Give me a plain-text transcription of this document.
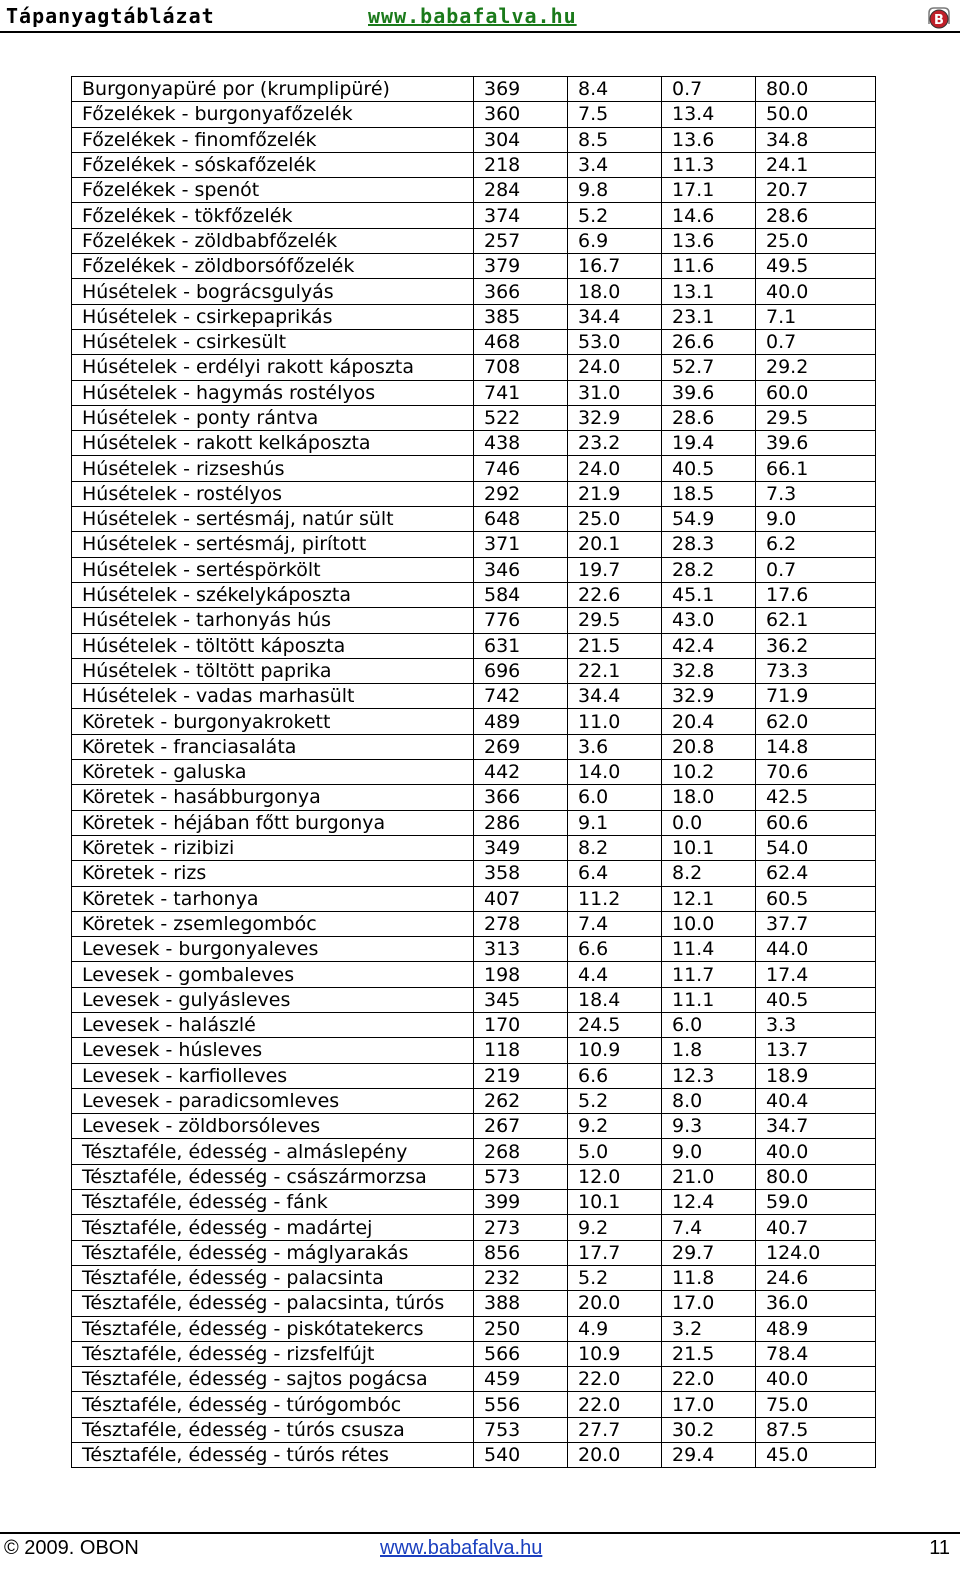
Tápanyagtáblázat	www.babafalva.hu	B
Burgonyapüré por (krumplipüré)	369	8.4	0.7	80.0
Főzelékek - burgonyafőzelék	360	7.5	13.4	50.0
Főzelékek - finomfőzelék	304	8.5	13.6	34.8
Főzelékek - sóskafőzelék	218	3.4	11.3	24.1
Főzelékek - spenót	284	9.8	17.1	20.7
Főzelékek - tökfőzelék	374	5.2	14.6	28.6
Főzelékek - zöldbabfőzelék	257	6.9	13.6	25.0
Főzelékek - zöldborsófőzelék	379	16.7	11.6	49.5
Húsételek - bográcsgulyás	366	18.0	13.1	40.0
Húsételek - csirkepaprikás	385	34.4	23.1	7.1
Húsételek - csirkesült	468	53.0	26.6	0.7
Húsételek - erdélyi rakott káposzta	708	24.0	52.7	29.2
Húsételek - hagymás rostélyos	741	31.0	39.6	60.0
Húsételek - ponty rántva	522	32.9	28.6	29.5
Húsételek - rakott kelkáposzta	438	23.2	19.4	39.6
Húsételek - rizseshús	746	24.0	40.5	66.1
Húsételek - rostélyos	292	21.9	18.5	7.3
Húsételek - sertésmáj, natúr sült	648	25.0	54.9	9.0
Húsételek - sertésmáj, pirított	371	20.1	28.3	6.2
Húsételek - sertéspörkölt	346	19.7	28.2	0.7
Húsételek - székelykáposzta	584	22.6	45.1	17.6
Húsételek - tarhonyás hús	776	29.5	43.0	62.1
Húsételek - töltött káposzta	631	21.5	42.4	36.2
Húsételek - töltött paprika	696	22.1	32.8	73.3
Húsételek - vadas marhasült	742	34.4	32.9	71.9
Köretek - burgonyakrokett	489	11.0	20.4	62.0
Köretek - franciasaláta	269	3.6	20.8	14.8
Köretek - galuska	442	14.0	10.2	70.6
Köretek - hasábburgonya	366	6.0	18.0	42.5
Köretek - héjában főtt burgonya	286	9.1	0.0	60.6
Köretek - rizibizi	349	8.2	10.1	54.0
Köretek - rizs	358	6.4	8.2	62.4
Köretek - tarhonya	407	11.2	12.1	60.5
Köretek - zsemlegombóc	278	7.4	10.0	37.7
Levesek - burgonyaleves	313	6.6	11.4	44.0
Levesek - gombaleves	198	4.4	11.7	17.4
Levesek - gulyásleves	345	18.4	11.1	40.5
Levesek - halászlé	170	24.5	6.0	3.3
Levesek - húsleves	118	10.9	1.8	13.7
Levesek - karfiolleves	219	6.6	12.3	18.9
Levesek - paradicsomleves	262	5.2	8.0	40.4
Levesek - zöldborsóleves	267	9.2	9.3	34.7
Tésztaféle, édesség - almáslepény	268	5.0	9.0	40.0
Tésztaféle, édesség - császármorzsa	573	12.0	21.0	80.0
Tésztaféle, édesség - fánk	399	10.1	12.4	59.0
Tésztaféle, édesség - madártej	273	9.2	7.4	40.7
Tésztaféle, édesség - máglyarakás	856	17.7	29.7	124.0
Tésztaféle, édesség - palacsinta	232	5.2	11.8	24.6
Tésztaféle, édesség - palacsinta, túrós	388	20.0	17.0	36.0
Tésztaféle, édesség - piskótatekercs	250	4.9	3.2	48.9
Tésztaféle, édesség - rizsfelfújt	566	10.9	21.5	78.4
Tésztaféle, édesség - sajtos pogácsa	459	22.0	22.0	40.0
Tésztaféle, édesség - túrógombóc	556	22.0	17.0	75.0
Tésztaféle, édesség - túrós csusza	753	27.7	30.2	87.5
Tésztaféle, édesség - túrós rétes	540	20.0	29.4	45.0
© 2009. OBON	www.babafalva.hu	11
